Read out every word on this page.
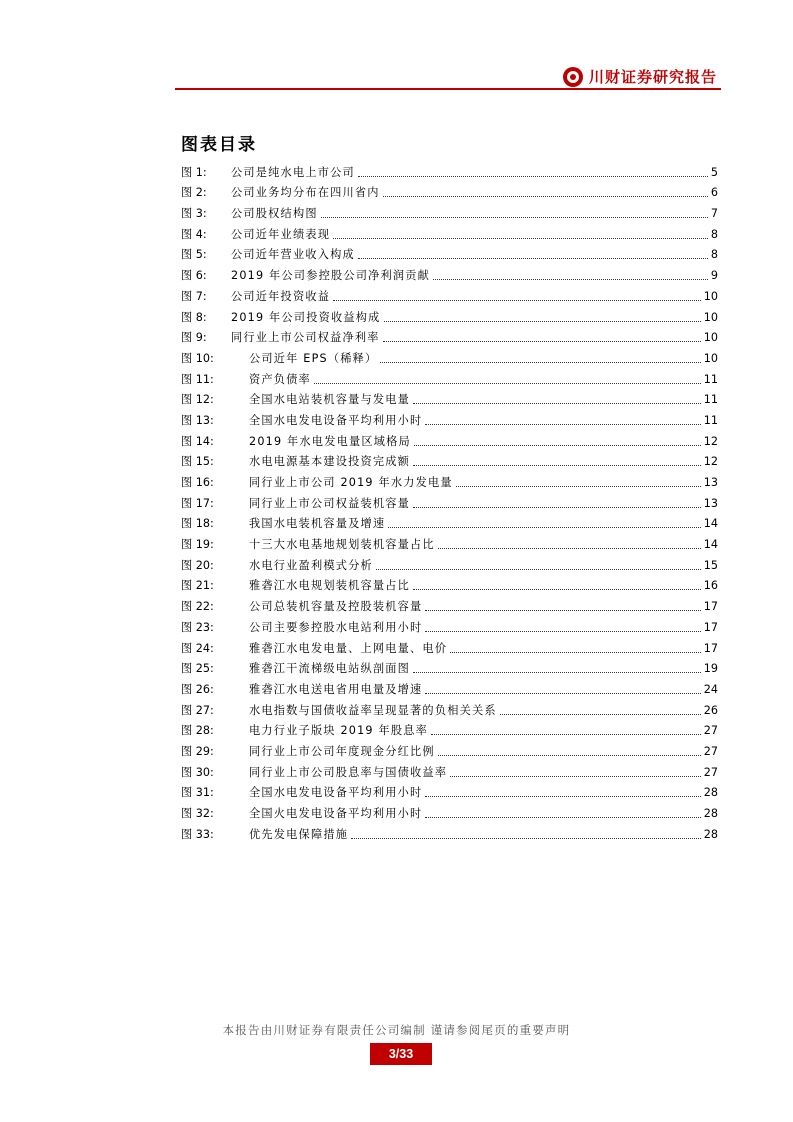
川财证券研究报告
图表目录
图 1:	公司是纯水电上市公司	5
图 2:	公司业务均分布在四川省内	6
图 3:	公司股权结构图	7
图 4:	公司近年业绩表现	8
图 5:	公司近年营业收入构成	8
图 6:	2019 年公司参控股公司净利润贡献	9
图 7:	公司近年投资收益	10
图 8:	2019 年公司投资收益构成	10
图 9:	同行业上市公司权益净利率	10
图 10:	公司近年 EPS（稀释）	10
图 11:	资产负债率	11
图 12:	全国水电站装机容量与发电量	11
图 13:	全国水电发电设备平均利用小时	11
图 14:	2019 年水电发电量区域格局	12
图 15:	水电电源基本建设投资完成额	12
图 16:	同行业上市公司 2019 年水力发电量	13
图 17:	同行业上市公司权益装机容量	13
图 18:	我国水电装机容量及增速	14
图 19:	十三大水电基地规划装机容量占比	14
图 20:	水电行业盈利模式分析	15
图 21:	雅砻江水电规划装机容量占比	16
图 22:	公司总装机容量及控股装机容量	17
图 23:	公司主要参控股水电站利用小时	17
图 24:	雅砻江水电发电量、上网电量、电价	17
图 25:	雅砻江干流梯级电站纵剖面图	19
图 26:	雅砻江水电送电省用电量及增速	24
图 27:	水电指数与国债收益率呈现显著的负相关关系	26
图 28:	电力行业子版块 2019 年股息率	27
图 29:	同行业上市公司年度现金分红比例	27
图 30:	同行业上市公司股息率与国债收益率	27
图 31:	全国水电发电设备平均利用小时	28
图 32:	全国火电发电设备平均利用小时	28
图 33:	优先发电保障措施	28
本报告由川财证券有限责任公司编制 谨请参阅尾页的重要声明
3/33
